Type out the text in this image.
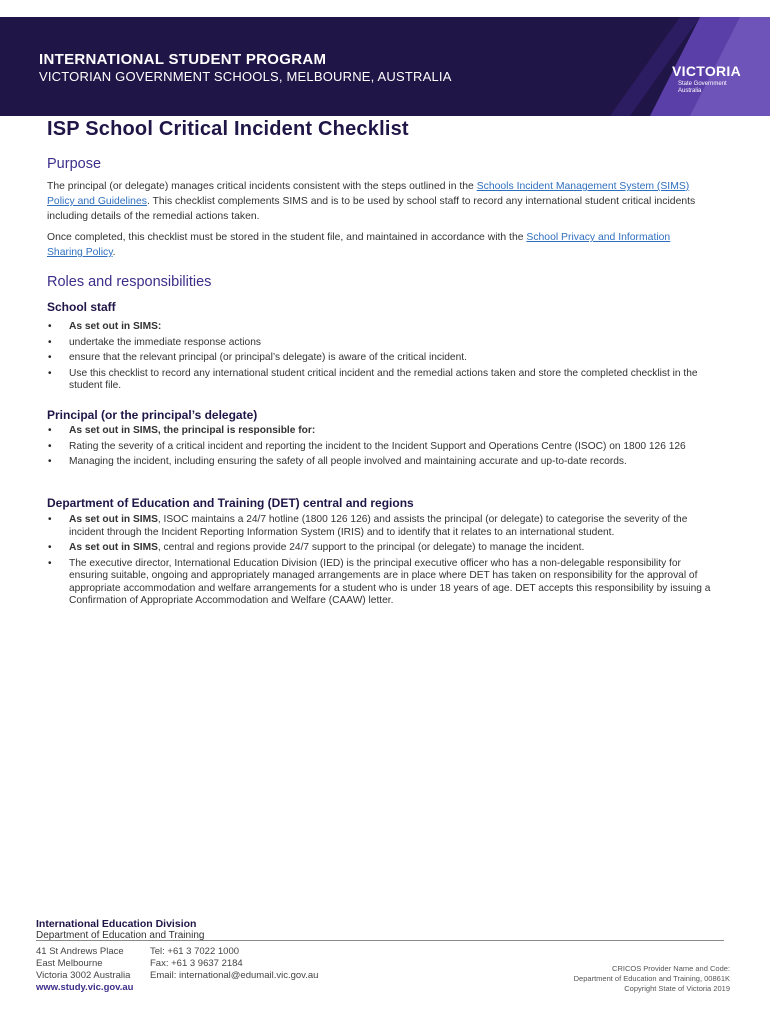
INTERNATIONAL STUDENT PROGRAM
VICTORIAN GOVERNMENT SCHOOLS, MELBOURNE, AUSTRALIA	VICTORIA
State Government Australia
ISP School Critical Incident Checklist
Purpose
The principal (or delegate) manages critical incidents consistent with the steps outlined in the Schools Incident Management System (SIMS) Policy and Guidelines. This checklist complements SIMS and is to be used by school staff to record any international student critical incidents including details of the remedial actions taken.
Once completed, this checklist must be stored in the student file, and maintained in accordance with the School Privacy and Information Sharing Policy.
Roles and responsibilities
School staff
• As set out in SIMS:
• undertake the immediate response actions
• ensure that the relevant principal (or principal’s delegate) is aware of the critical incident.
• Use this checklist to record any international student critical incident and the remedial actions taken and store the completed checklist in the student file.
Principal (or the principal’s delegate)
• As set out in SIMS, the principal is responsible for:
• Rating the severity of a critical incident and reporting the incident to the Incident Support and Operations Centre (ISOC) on 1800 126 126
• Managing the incident, including ensuring the safety of all people involved and maintaining accurate and up-to-date records.
Department of Education and Training (DET) central and regions
• As set out in SIMS, ISOC maintains a 24/7 hotline (1800 126 126) and assists the principal (or delegate) to categorise the severity of the incident through the Incident Reporting Information System (IRIS) and to identify that it relates to an international student.
• As set out in SIMS, central and regions provide 24/7 support to the principal (or delegate) to manage the incident.
• The executive director, International Education Division (IED) is the principal executive officer who has a non-delegable responsibility for ensuring suitable, ongoing and appropriately managed arrangements are in place where DET has taken on responsibility for the approval of appropriate accommodation and welfare arrangements for a student who is under 18 years of age. DET accepts this responsibility by issuing a Confirmation of Appropriate Accommodation and Welfare (CAAW) letter.
International Education Division
Department of Education and Training
41 St Andrews Place
East Melbourne
Victoria 3002 Australia
Tel: +61 3 7022 1000
Fax: +61 3 9637 2184
Email: international@edumail.vic.gov.au
www.study.vic.gov.au
CRICOS Provider Name and Code:
Department of Education and Training, 00861K
Copyright State of Victoria 2019
